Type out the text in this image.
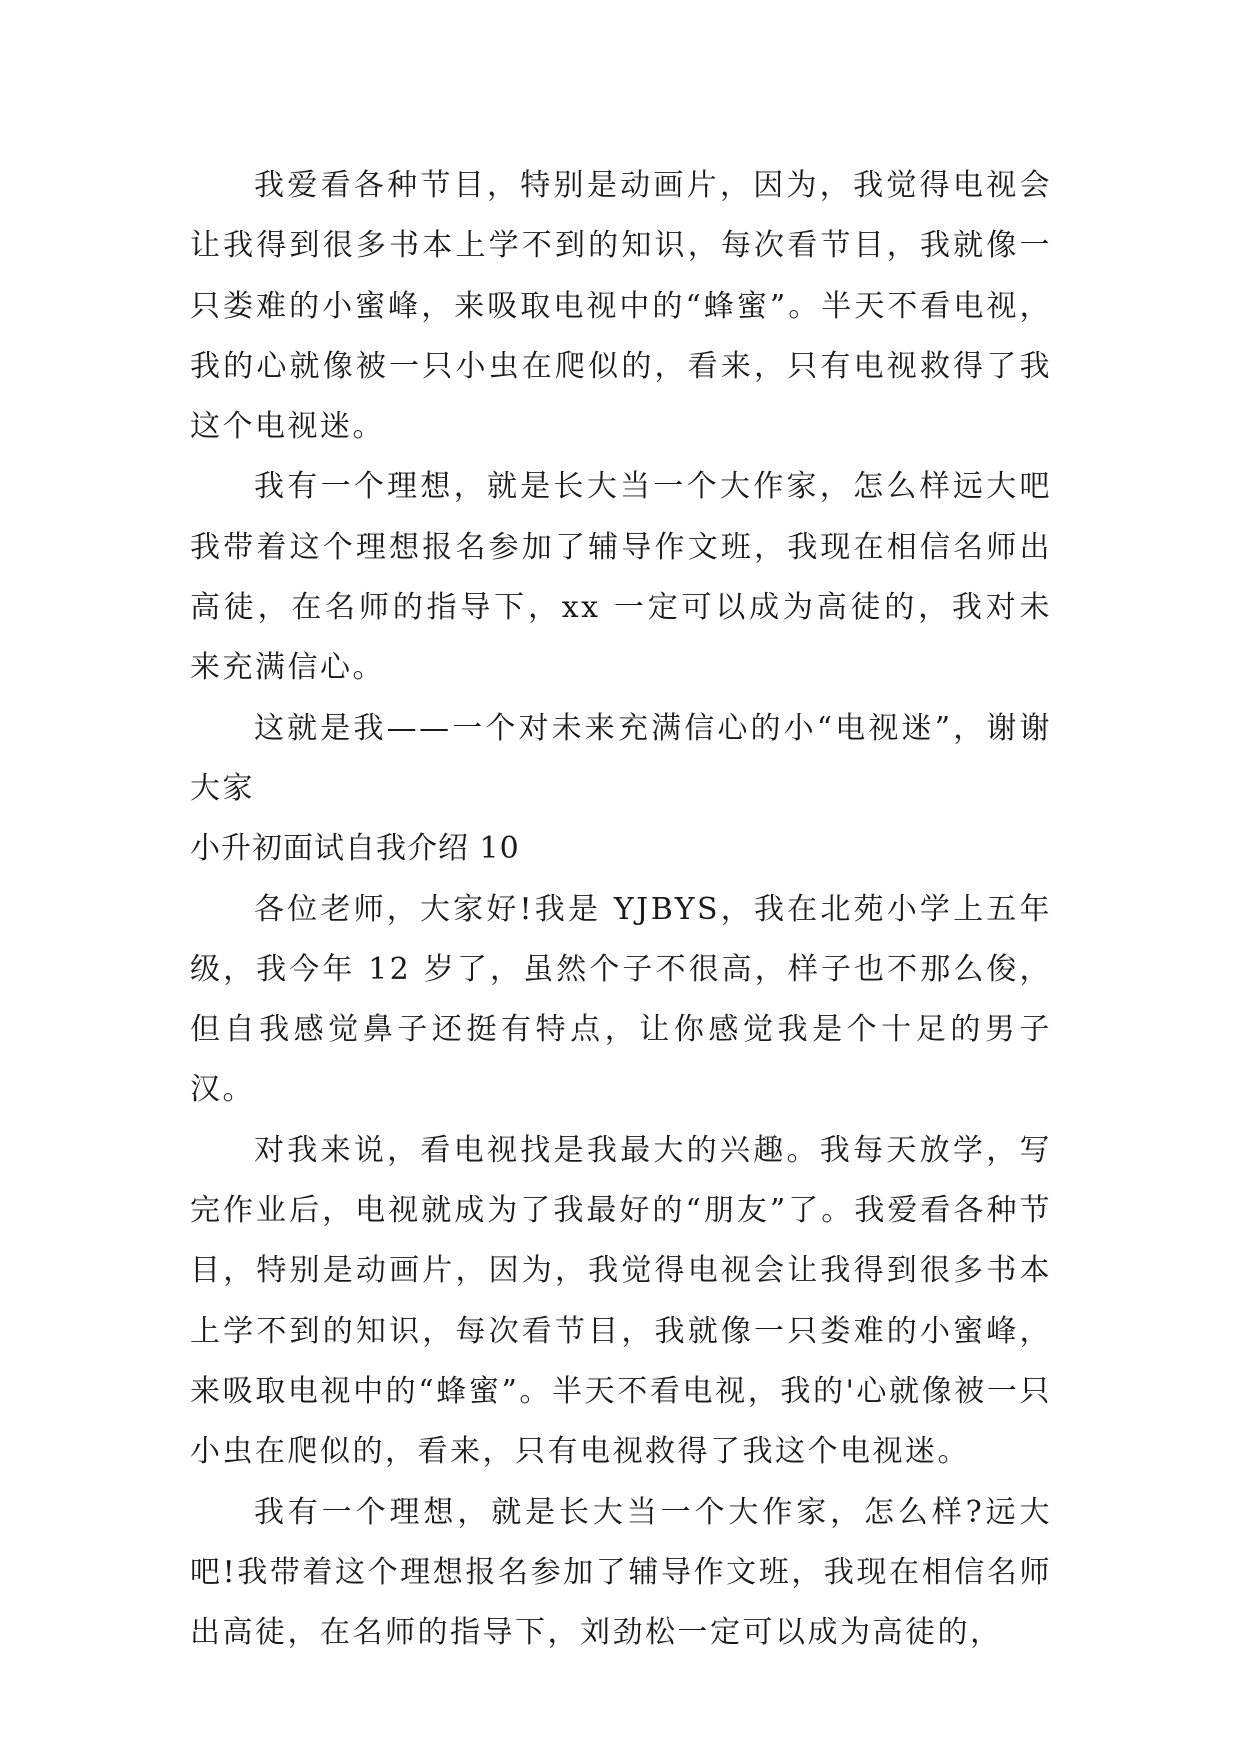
我爱看各种节目，特别是动画片，因为，我觉得电视会让我得到很多书本上学不到的知识，每次看节目，我就像一只娄难的小蜜峰，来吸取电视中的“蜂蜜”。半天不看电视，我的心就像被一只小虫在爬似的，看来，只有电视救得了我这个电视迷。

我有一个理想，就是长大当一个大作家，怎么样远大吧我带着这个理想报名参加了辅导作文班，我现在相信名师出高徒，在名师的指导下，xx 一定可以成为高徒的，我对未来充满信心。

这就是我——一个对未来充满信心的小“电视迷”，谢谢大家

小升初面试自我介绍 10

各位老师，大家好!我是 YJBYS，我在北苑小学上五年级，我今年 12 岁了，虽然个子不很高，样子也不那么俊，但自我感觉鼻子还挺有特点，让你感觉我是个十足的男子汉。

对我来说，看电视找是我最大的兴趣。我每天放学，写完作业后，电视就成为了我最好的“朋友”了。我爱看各种节目，特别是动画片，因为，我觉得电视会让我得到很多书本上学不到的知识，每次看节目，我就像一只娄难的小蜜峰，来吸取电视中的“蜂蜜”。半天不看电视，我的'心就像被一只小虫在爬似的，看来，只有电视救得了我这个电视迷。

我有一个理想，就是长大当一个大作家，怎么样?远大吧!我带着这个理想报名参加了辅导作文班，我现在相信名师出高徒，在名师的指导下，刘劲松一定可以成为高徒的，
